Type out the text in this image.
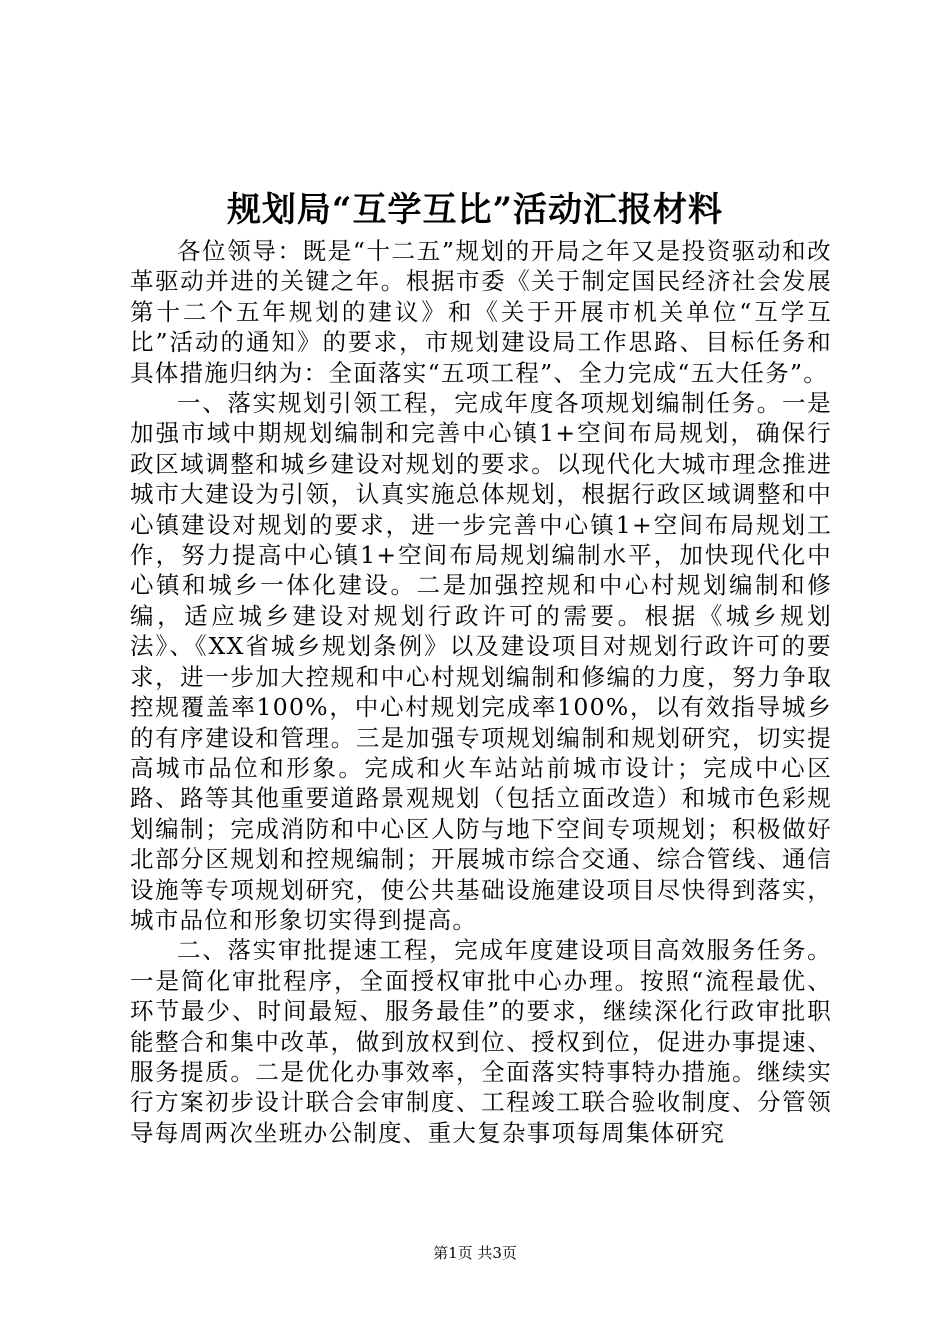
规划局“互学互比”活动汇报材料

各位领导：既是“十二五”规划的开局之年又是投资驱动和改革驱动并进的关键之年。根据市委《关于制定国民经济社会发展第十二个五年规划的建议》和《关于开展市机关单位“互学互比”活动的通知》的要求，市规划建设局工作思路、目标任务和具体措施归纳为：全面落实“五项工程”、全力完成“五大任务”。

一、落实规划引领工程，完成年度各项规划编制任务。一是加强市域中期规划编制和完善中心镇1+空间布局规划，确保行政区域调整和城乡建设对规划的要求。以现代化大城市理念推进城市大建设为引领，认真实施总体规划，根据行政区域调整和中心镇建设对规划的要求，进一步完善中心镇1+空间布局规划工作，努力提高中心镇1+空间布局规划编制水平，加快现代化中心镇和城乡一体化建设。二是加强控规和中心村规划编制和修编，适应城乡建设对规划行政许可的需要。根据《城乡规划法》、《XX省城乡规划条例》以及建设项目对规划行政许可的要求，进一步加大控规和中心村规划编制和修编的力度，努力争取控规覆盖率100%，中心村规划完成率100%，以有效指导城乡的有序建设和管理。三是加强专项规划编制和规划研究，切实提高城市品位和形象。完成和火车站站前城市设计；完成中心区路、路等其他重要道路景观规划（包括立面改造）和城市色彩规划编制；完成消防和中心区人防与地下空间专项规划；积极做好北部分区规划和控规编制；开展城市综合交通、综合管线、通信设施等专项规划研究，使公共基础设施建设项目尽快得到落实，城市品位和形象切实得到提高。

二、落实审批提速工程，完成年度建设项目高效服务任务。一是简化审批程序，全面授权审批中心办理。按照“流程最优、环节最少、时间最短、服务最佳”的要求，继续深化行政审批职能整合和集中改革，做到放权到位、授权到位，促进办事提速、服务提质。二是优化办事效率，全面落实特事特办措施。继续实行方案初步设计联合会审制度、工程竣工联合验收制度、分管领导每周两次坐班办公制度、重大复杂事项每周集体研究

第1页 共3页
